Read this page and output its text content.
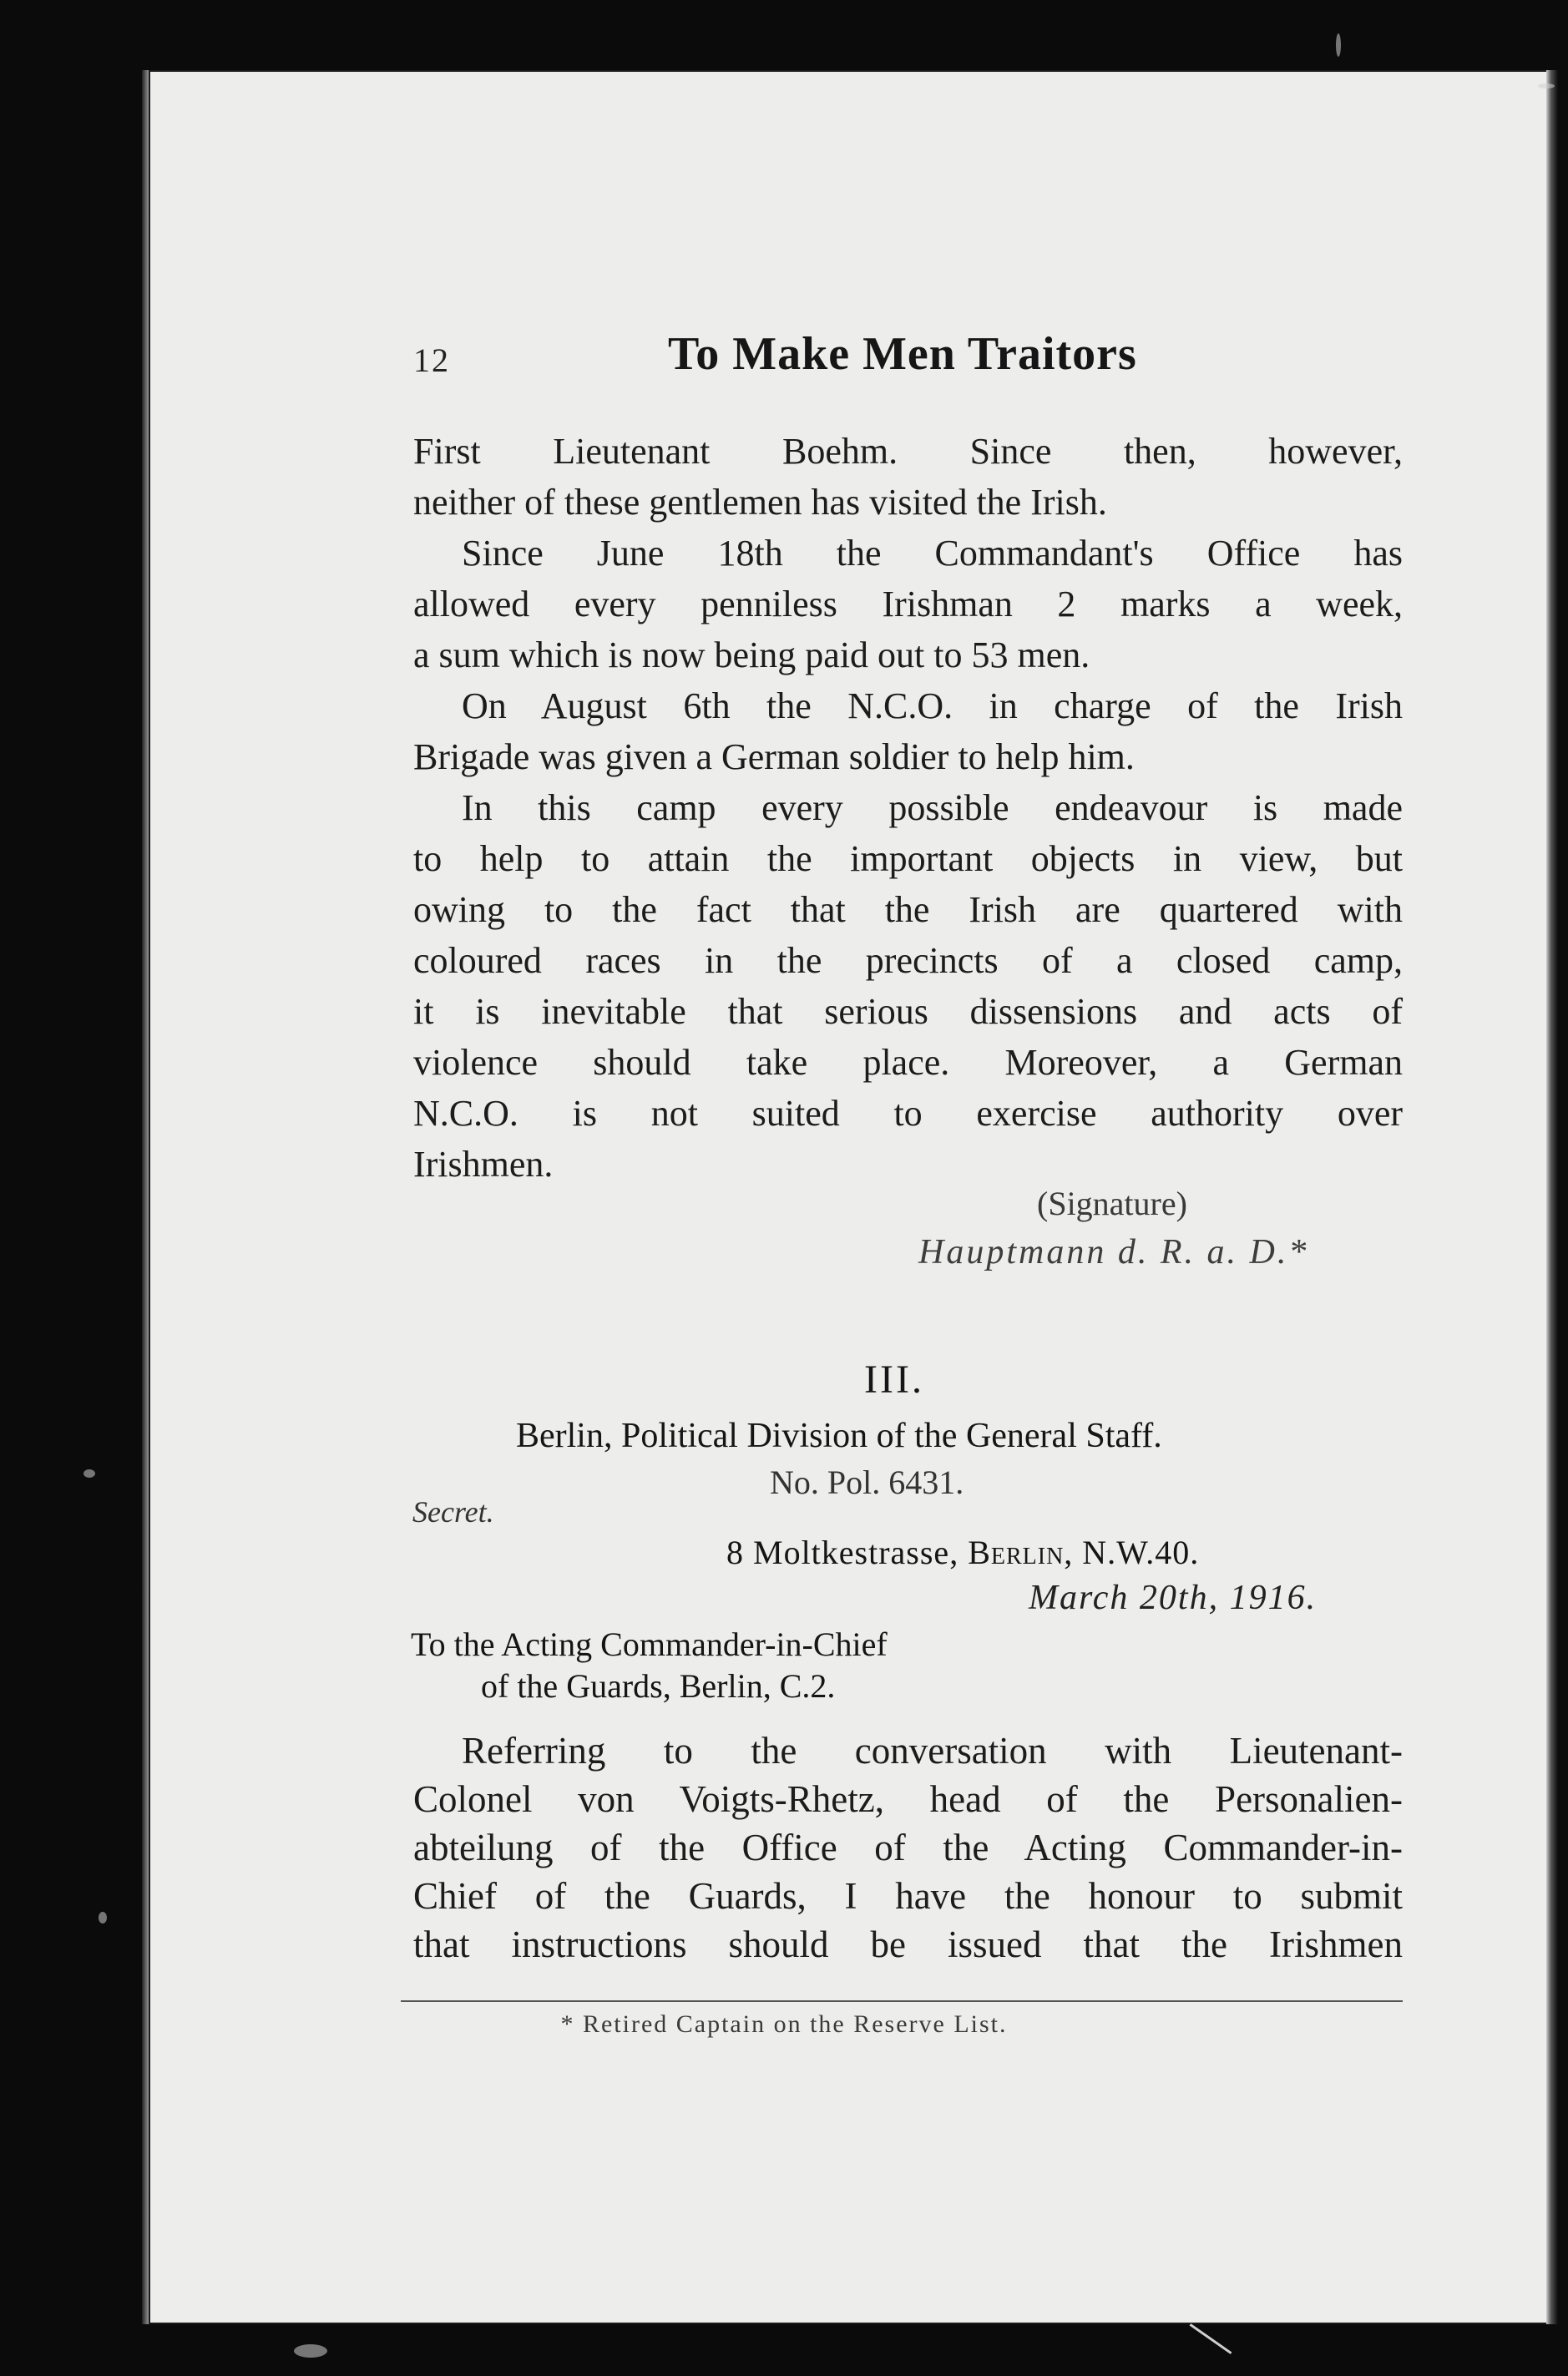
12	To Make Men Traitors
First Lieutenant Boehm. Since then, however,
neither of these gentlemen has visited the Irish.
Since June 18th the Commandant's Office has
allowed every penniless Irishman 2 marks a week,
a sum which is now being paid out to 53 men.
On August 6th the N.C.O. in charge of the Irish
Brigade was given a German soldier to help him.
In this camp every possible endeavour is made
to help to attain the important objects in view, but
owing to the fact that the Irish are quartered with
coloured races in the precincts of a closed camp,
it is inevitable that serious dissensions and acts of
violence should take place. Moreover, a German
N.C.O. is not suited to exercise authority over
Irishmen.
(Signature)
Hauptmann d. R. a. D.*
III.
Berlin, Political Division of the General Staff.
No. Pol. 6431.
Secret.
8 Moltkestrasse, Berlin, N.W.40.
March 20th, 1916.
To the Acting Commander-in-Chief
of the Guards, Berlin, C.2.
Referring to the conversation with Lieutenant-
Colonel von Voigts-Rhetz, head of the Personalien-
abteilung of the Office of the Acting Commander-in-
Chief of the Guards, I have the honour to submit
that instructions should be issued that the Irishmen
* Retired Captain on the Reserve List.
